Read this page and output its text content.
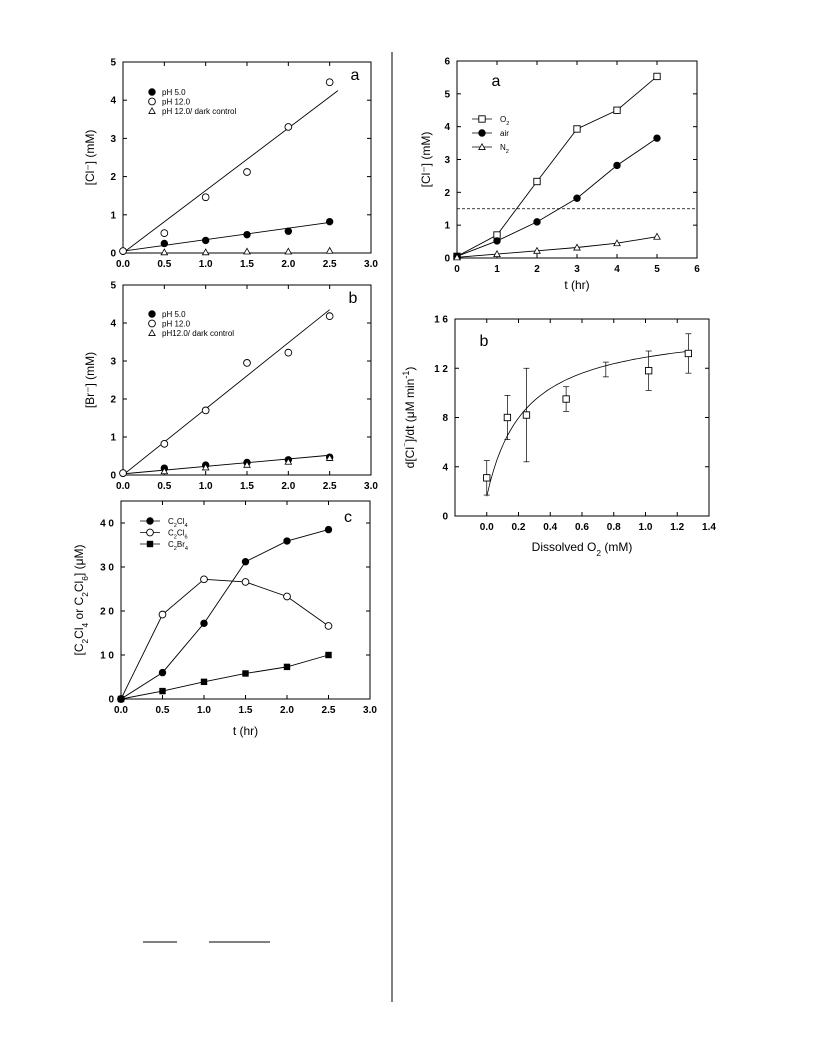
0.0	0.5	1.0	1.5	2.0	2.5	3.0
0
1
2
3
4
5
a
[Cl⁻] (mM)
pH 5.0
pH 12.0
pH 12.0/ dark control
0.0	0.5	1.0	1.5	2.0	2.5	3.0
0
1
2
3
4
5
b
[Br⁻] (mM)
pH 5.0
pH 12.0
pH12.0/ dark control
0.0	0.5	1.0	1.5	2.0	2.5	3.0
0
1 0
2 0
3 0
4 0	c
[$C_2Cl_4$ or $C_2Cl_6$] (μM)
t (hr)
$C_2Cl_4$
$C_2Cl_6$
$C_2Br_4$
0	1	2	3	4	5	6
0
1
2
3
4
5
6
a
[Cl⁻] (mM)
t (hr)
$O_2$
air
$N_2$
0.0 0.2 0.4 0.6 0.8 1.0 1.2 1.4
0
4
8
1 2
1 6
b
d[Cl⁻]/dt (μM $\min^{-1}$)
Dissolved $O_2$ (mM)
